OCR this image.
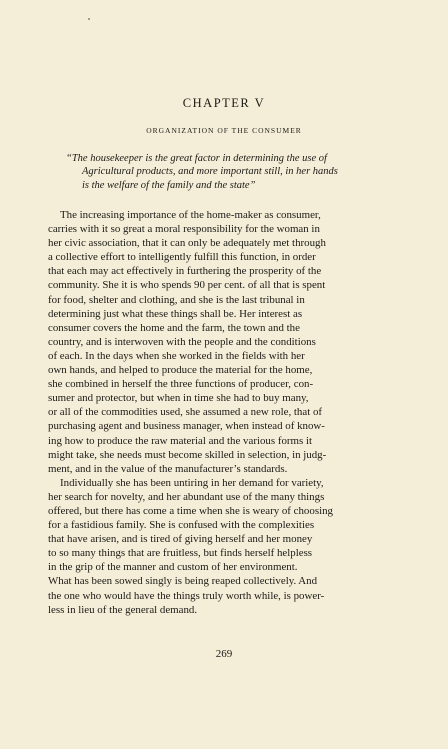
CHAPTER V
ORGANIZATION OF THE CONSUMER
“The housekeeper is the great factor in determining the use of
Agricultural products, and more important still, in her hands
is the welfare of the family and the state”
The increasing importance of the home-maker as consumer,
carries with it so great a moral responsibility for the woman in
her civic association, that it can only be adequately met through
a collective effort to intelligently fulfill this function, in order
that each may act effectively in furthering the prosperity of the
community. She it is who spends 90 per cent. of all that is spent
for food, shelter and clothing, and she is the last tribunal in
determining just what these things shall be. Her interest as
consumer covers the home and the farm, the town and the
country, and is interwoven with the people and the conditions
of each. In the days when she worked in the fields with her
own hands, and helped to produce the material for the home,
she combined in herself the three functions of producer, con-
sumer and protector, but when in time she had to buy many,
or all of the commodities used, she assumed a new role, that of
purchasing agent and business manager, when instead of know-
ing how to produce the raw material and the various forms it
might take, she needs must become skilled in selection, in judg-
ment, and in the value of the manufacturer’s standards.
Individually she has been untiring in her demand for variety,
her search for novelty, and her abundant use of the many things
offered, but there has come a time when she is weary of choosing
for a fastidious family. She is confused with the complexities
that have arisen, and is tired of giving herself and her money
to so many things that are fruitless, but finds herself helpless
in the grip of the manner and custom of her environment.
What has been sowed singly is being reaped collectively. And
the one who would have the things truly worth while, is power-
less in lieu of the general demand.
269
